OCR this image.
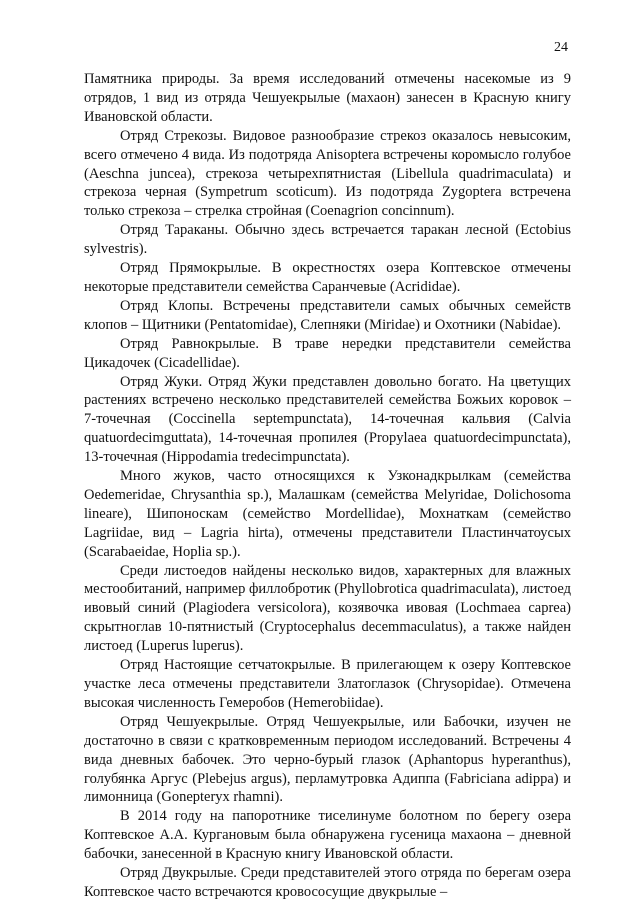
24

Памятника природы. За время исследований отмечены насекомые из 9 отрядов, 1 вид из отряда Чешуекрылые (махаон) занесен в Красную книгу Ивановской области.

Отряд Стрекозы. Видовое разнообразие стрекоз оказалось невысоким, всего отмечено 4 вида. Из подотряда Anisoptera встречены коромысло голубое (Aeschna juncea), стрекоза четырехпятнистая (Libellula quadrimaculata) и стрекоза черная (Sympetrum scoticum). Из подотряда Zygoptera встречена только стрекоза – стрелка стройная (Coenagrion concinnum).

Отряд Тараканы. Обычно здесь встречается таракан лесной (Ectobius sylvestris).

Отряд Прямокрылые. В окрестностях озера Коптевское отмечены некоторые представители семейства Саранчевые (Acrididae).

Отряд Клопы. Встречены представители самых обычных семейств клопов – Щитники (Pentatomidae), Слепняки (Miridae) и Охотники (Nabidae).

Отряд Равнокрылые. В траве нередки представители семейства Цикадочек (Cicadellidae).

Отряд Жуки. Отряд Жуки представлен довольно богато. На цветущих растениях встречено несколько представителей семейства Божьих коровок – 7-точечная (Coccinella septempunctata), 14-точечная кальвия (Calvia quatuordecimguttata), 14-точечная пропилея (Propylaea quatuordecimpunctata), 13-точечная (Hippodamia tredecimpunctata).

Много жуков, часто относящихся к Узконадкрылкам (семейства Oedemeridae, Chrysanthia sp.), Малашкам (семейства Melyridae, Dolichosoma lineare), Шипоноскам (семейство Mordellidae), Мохнаткам (семейство Lagriidae, вид – Lagria hirta), отмечены представители Пластинчатоусых (Scarabaeidae, Hoplia sp.).

Среди листоедов найдены несколько видов, характерных для влажных местообитаний, например филлобротик (Phyllobrotica quadrimaculata), листоед ивовый синий (Plagiodera versicolora), козявочка ивовая (Lochmaea caprea) скрытноглав 10-пятнистый (Cryptocephalus decemmaculatus), а также найден листоед (Luperus luperus).

Отряд Настоящие сетчатокрылые. В прилегающем к озеру Коптевское участке леса отмечены представители Златоглазок (Chrysopidae). Отмечена высокая численность Гемеробов (Hemerobiidae).

Отряд Чешуекрылые. Отряд Чешуекрылые, или Бабочки, изучен не достаточно в связи с кратковременным периодом исследований. Встречены 4 вида дневных бабочек. Это черно-бурый глазок (Aphantopus hyperanthus), голубянка Аргус (Plebejus argus), перламутровка Адиппа (Fabriciana adippa) и лимонница (Gonepteryx rhamni).

В 2014 году на папоротнике тиселинуме болотном по берегу озера Коптевское А.А. Кургановым была обнаружена гусеница махаона – дневной бабочки, занесенной в Красную книгу Ивановской области.

Отряд Двукрылые. Среди представителей этого отряда по берегам озера Коптевское часто встречаются кровососущие двукрылые –
